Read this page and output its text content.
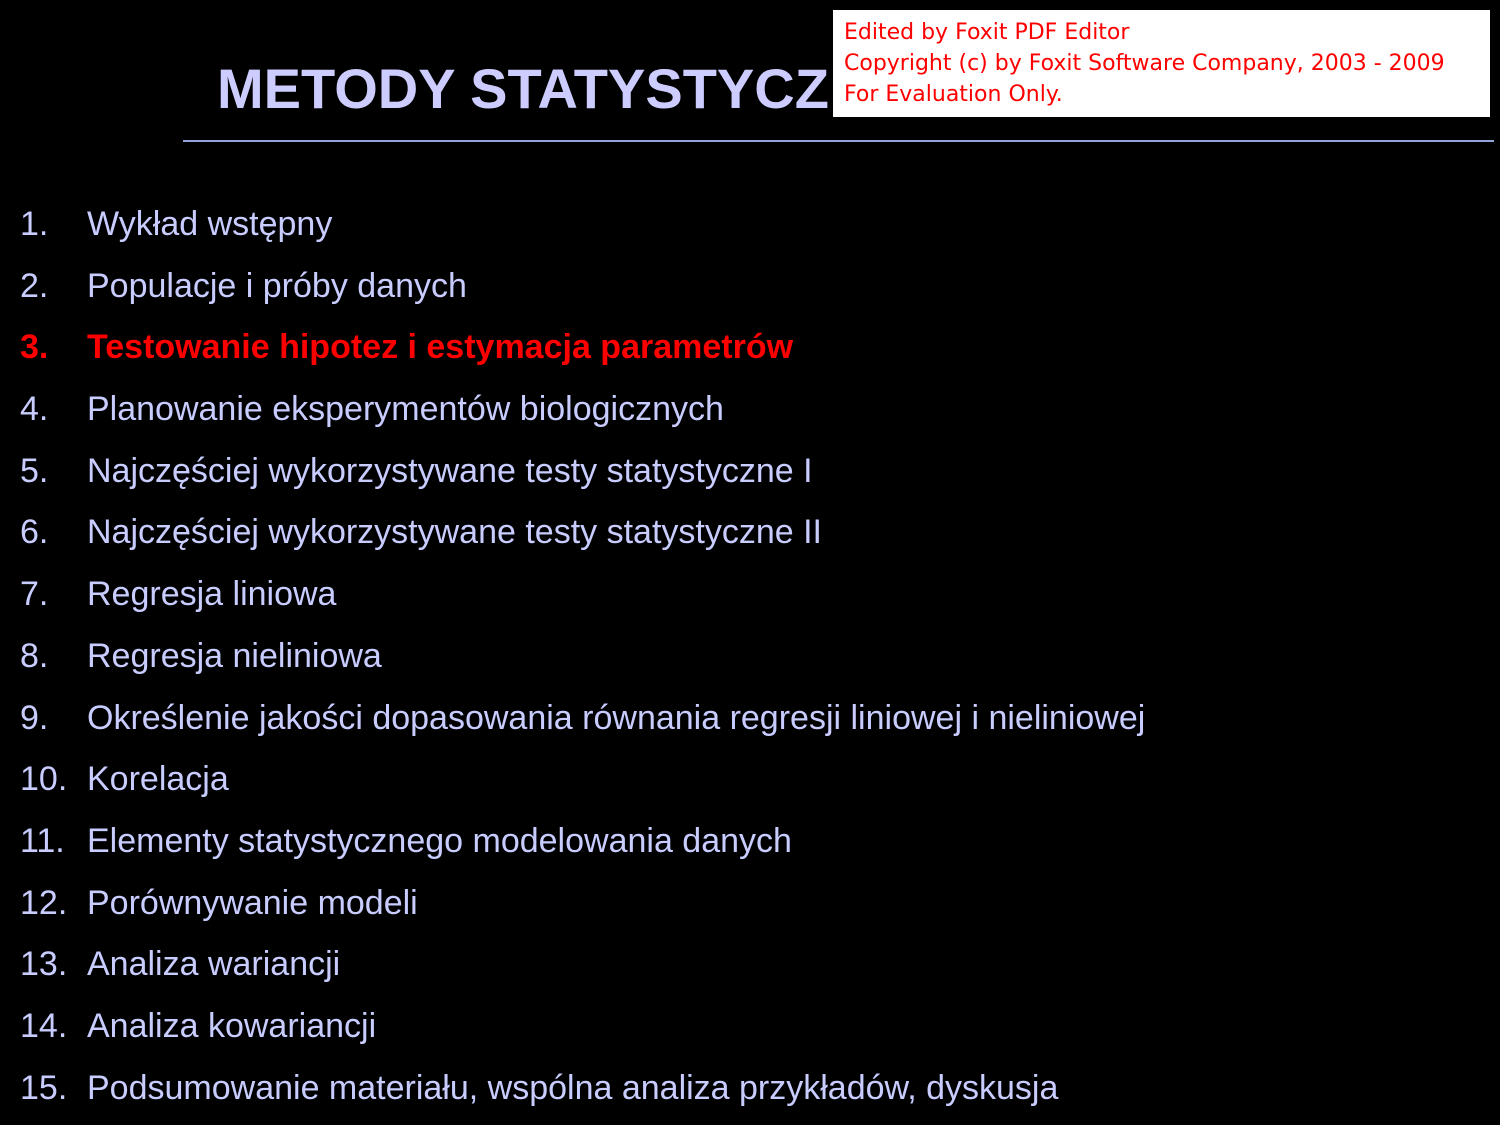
METODY STATYSTYCZ
1. Wykład wstępny
2. Populacje i próby danych
3. Testowanie hipotez i estymacja parametrów
4. Planowanie eksperymentów biologicznych
5. Najczęściej wykorzystywane testy statystyczne I
6. Najczęściej wykorzystywane testy statystyczne II
7. Regresja liniowa
8. Regresja nieliniowa
9. Określenie jakości dopasowania równania regresji liniowej i nieliniowej
10. Korelacja
11. Elementy statystycznego modelowania danych
12. Porównywanie modeli
13. Analiza wariancji
14. Analiza kowariancji
15. Podsumowanie materiału, wspólna analiza przykładów, dyskusja
Edited by Foxit PDF Editor
Copyright (c) by Foxit Software Company, 2003 - 2009
For Evaluation Only.
